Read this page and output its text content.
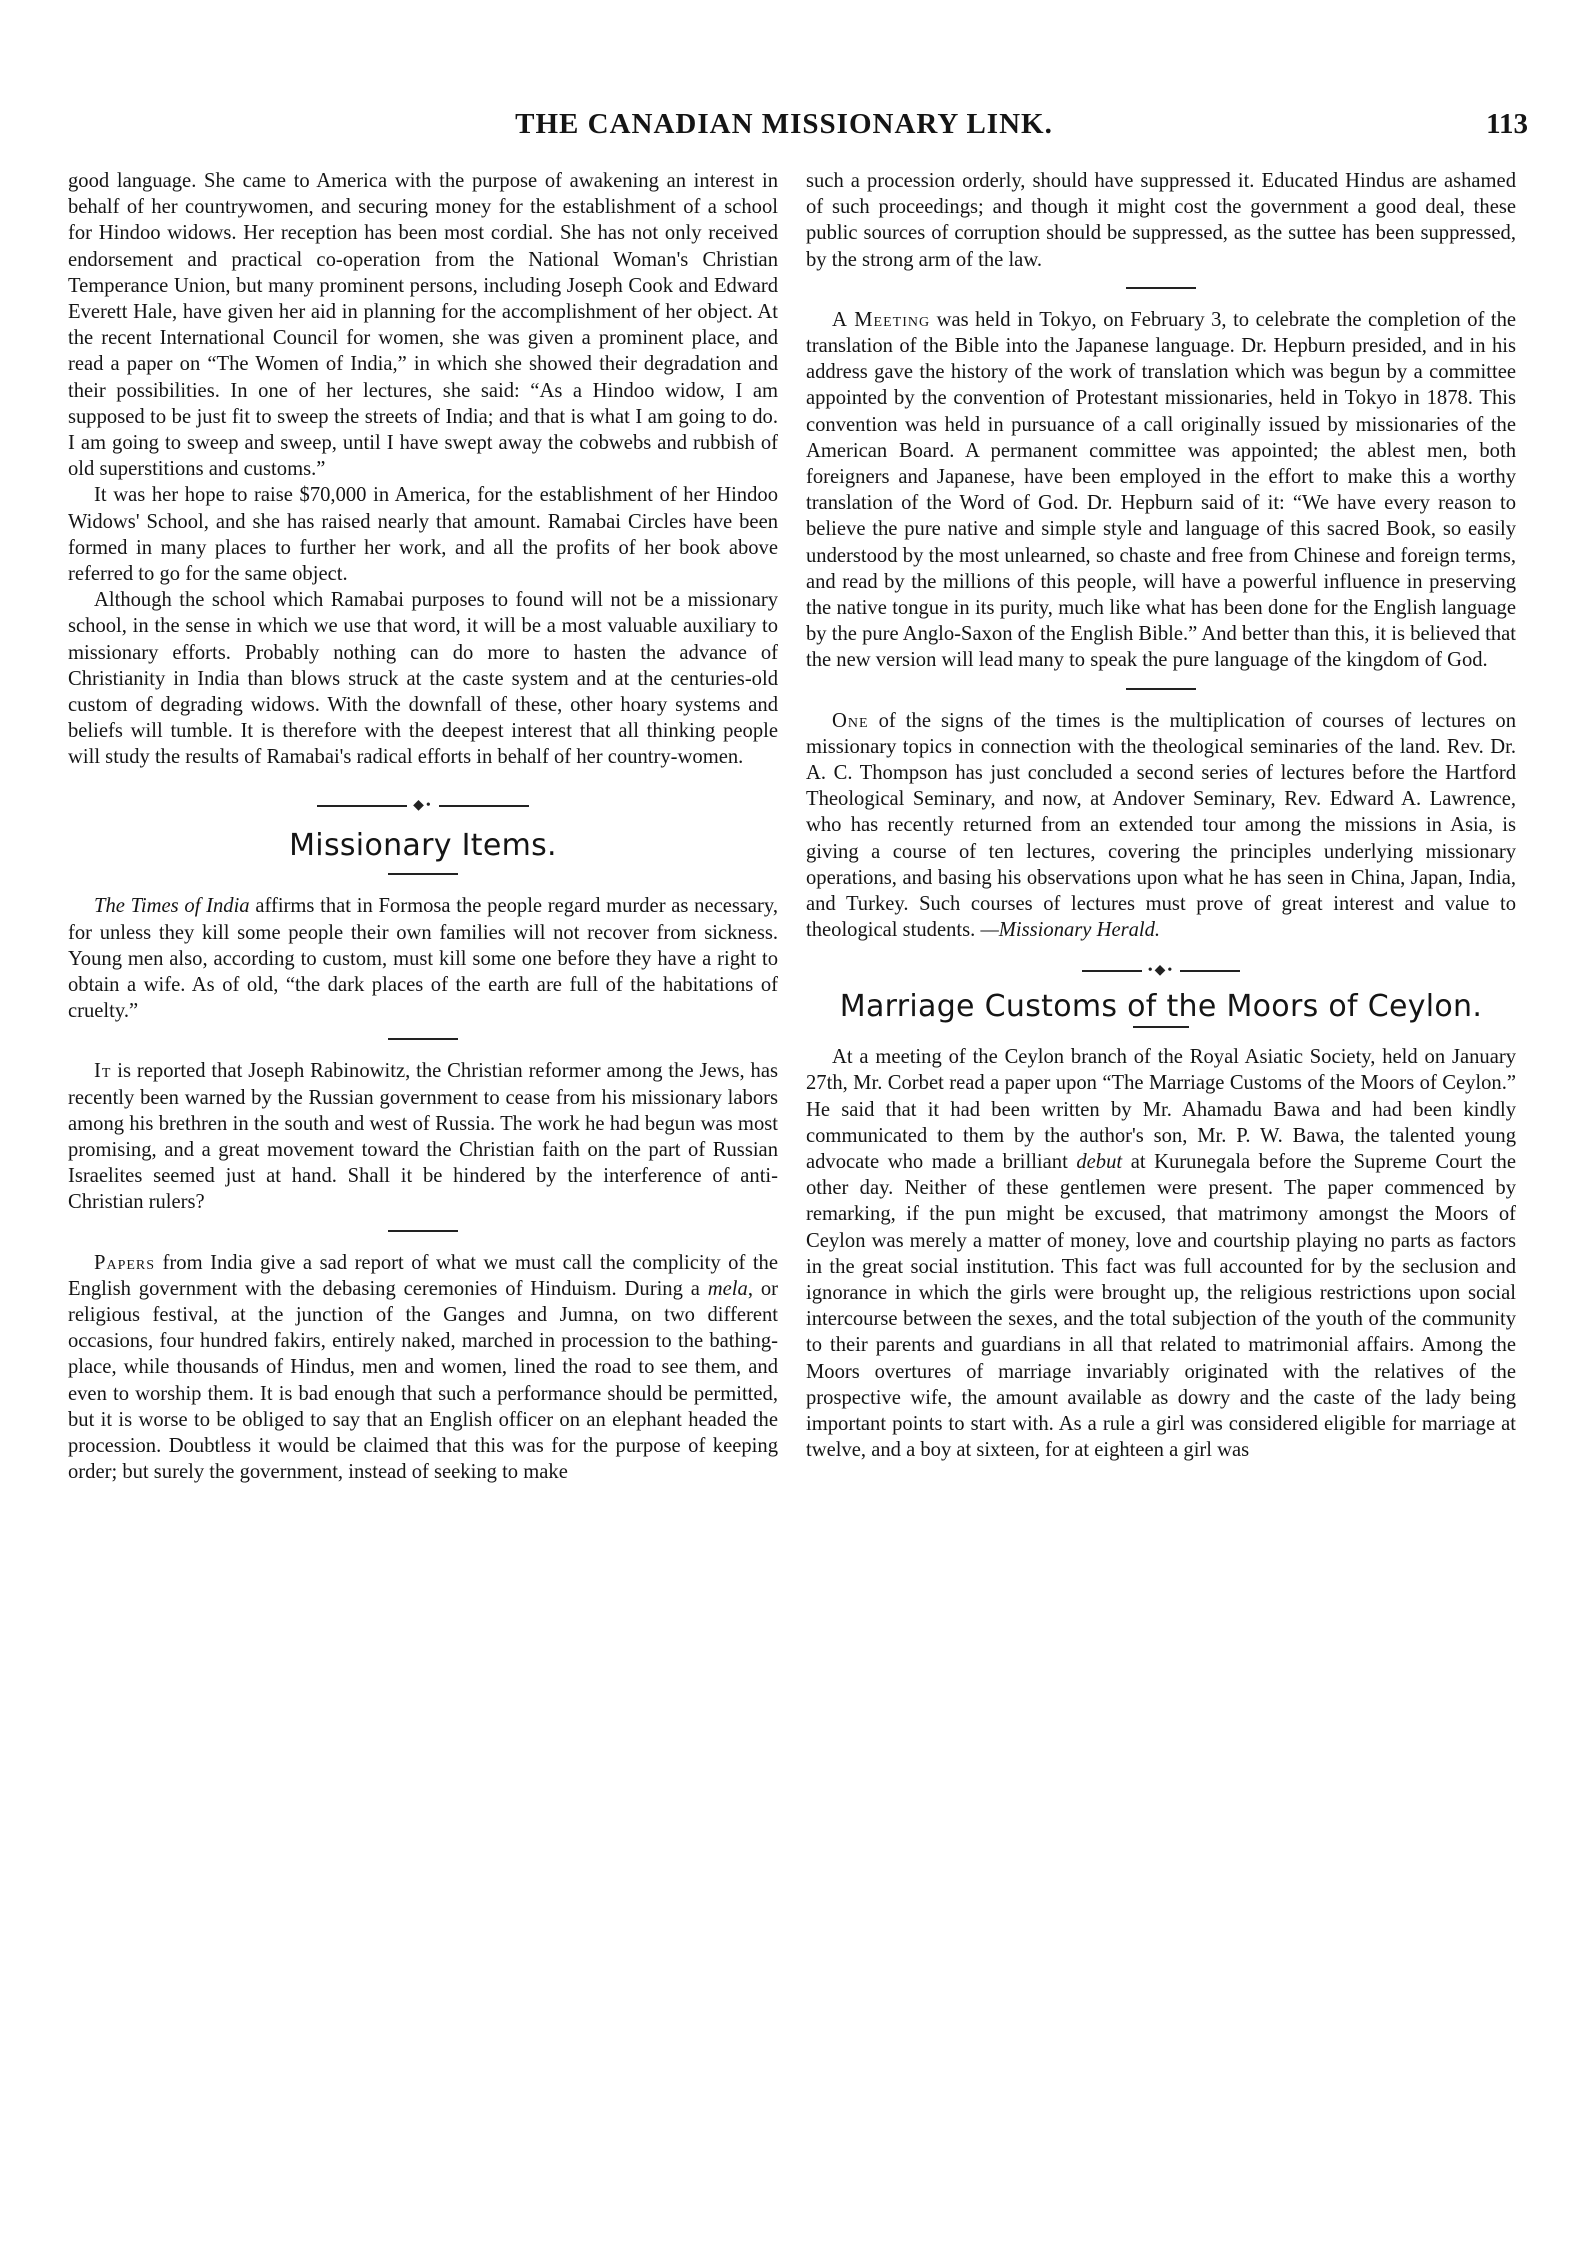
THE CANADIAN MISSIONARY LINK.	113

good language. She came to America with the purpose of awakening an interest in behalf of her countrywomen, and securing money for the establishment of a school for Hindoo widows. Her reception has been most cordial. She has not only received endorsement and practical co-operation from the National Woman's Christian Temperance Union, but many prominent persons, including Joseph Cook and Edward Everett Hale, have given her aid in planning for the accomplishment of her object. At the recent International Council for women, she was given a prominent place, and read a paper on “The Women of India,” in which she showed their degradation and their possibilities. In one of her lectures, she said: “As a Hindoo widow, I am supposed to be just fit to sweep the streets of India; and that is what I am going to do. I am going to sweep and sweep, until I have swept away the cobwebs and rubbish of old superstitions and customs.”

It was her hope to raise $70,000 in America, for the establishment of her Hindoo Widows' School, and she has raised nearly that amount. Ramabai Circles have been formed in many places to further her work, and all the profits of her book above referred to go for the same object.

Although the school which Ramabai purposes to found will not be a missionary school, in the sense in which we use that word, it will be a most valuable auxiliary to missionary efforts. Probably nothing can do more to hasten the advance of Christianity in India than blows struck at the caste system and at the centuries-old custom of degrading widows. With the downfall of these, other hoary systems and beliefs will tumble. It is therefore with the deepest interest that all thinking people will study the results of Ramabai's radical efforts in behalf of her country-women.

◆•
Missionary Items.

The Times of India affirms that in Formosa the people regard murder as necessary, for unless they kill some people their own families will not recover from sickness. Young men also, according to custom, must kill some one before they have a right to obtain a wife. As of old, “the dark places of the earth are full of the habitations of cruelty.”

It is reported that Joseph Rabinowitz, the Christian reformer among the Jews, has recently been warned by the Russian government to cease from his missionary labors among his brethren in the south and west of Russia. The work he had begun was most promising, and a great movement toward the Christian faith on the part of Russian Israelites seemed just at hand. Shall it be hindered by the interference of anti-Christian rulers?

Papers from India give a sad report of what we must call the complicity of the English government with the debasing ceremonies of Hinduism. During a mela, or religious festival, at the junction of the Ganges and Jumna, on two different occasions, four hundred fakirs, entirely naked, marched in procession to the bathing-place, while thousands of Hindus, men and women, lined the road to see them, and even to worship them. It is bad enough that such a performance should be permitted, but it is worse to be obliged to say that an English officer on an elephant headed the procession. Doubtless it would be claimed that this was for the purpose of keeping order; but surely the government, instead of seeking to make

such a procession orderly, should have suppressed it. Educated Hindus are ashamed of such proceedings; and though it might cost the government a good deal, these public sources of corruption should be suppressed, as the suttee has been suppressed, by the strong arm of the law.

A Meeting was held in Tokyo, on February 3, to celebrate the completion of the translation of the Bible into the Japanese language. Dr. Hepburn presided, and in his address gave the history of the work of translation which was begun by a committee appointed by the convention of Protestant missionaries, held in Tokyo in 1878. This convention was held in pursuance of a call originally issued by missionaries of the American Board. A permanent committee was appointed; the ablest men, both foreigners and Japanese, have been employed in the effort to make this a worthy translation of the Word of God. Dr. Hepburn said of it: “We have every reason to believe the pure native and simple style and language of this sacred Book, so easily understood by the most unlearned, so chaste and free from Chinese and foreign terms, and read by the millions of this people, will have a powerful influence in preserving the native tongue in its purity, much like what has been done for the English language by the pure Anglo-Saxon of the English Bible.” And better than this, it is believed that the new version will lead many to speak the pure language of the kingdom of God.

One of the signs of the times is the multiplication of courses of lectures on missionary topics in connection with the theological seminaries of the land. Rev. Dr. A. C. Thompson has just concluded a second series of lectures before the Hartford Theological Seminary, and now, at Andover Seminary, Rev. Edward A. Lawrence, who has recently returned from an extended tour among the missions in Asia, is giving a course of ten lectures, covering the principles underlying missionary operations, and basing his observations upon what he has seen in China, Japan, India, and Turkey. Such courses of lectures must prove of great interest and value to theological students. —Missionary Herald.

•◆•
Marriage Customs of the Moors of Ceylon.

At a meeting of the Ceylon branch of the Royal Asiatic Society, held on January 27th, Mr. Corbet read a paper upon “The Marriage Customs of the Moors of Ceylon.” He said that it had been written by Mr. Ahamadu Bawa and had been kindly communicated to them by the author's son, Mr. P. W. Bawa, the talented young advocate who made a brilliant debut at Kurunegala before the Supreme Court the other day. Neither of these gentlemen were present. The paper commenced by remarking, if the pun might be excused, that matrimony amongst the Moors of Ceylon was merely a matter of money, love and courtship playing no parts as factors in the great social institution. This fact was full accounted for by the seclusion and ignorance in which the girls were brought up, the religious restrictions upon social intercourse between the sexes, and the total subjection of the youth of the community to their parents and guardians in all that related to matrimonial affairs. Among the Moors overtures of marriage invariably originated with the relatives of the prospective wife, the amount available as dowry and the caste of the lady being important points to start with. As a rule a girl was considered eligible for marriage at twelve, and a boy at sixteen, for at eighteen a girl was
